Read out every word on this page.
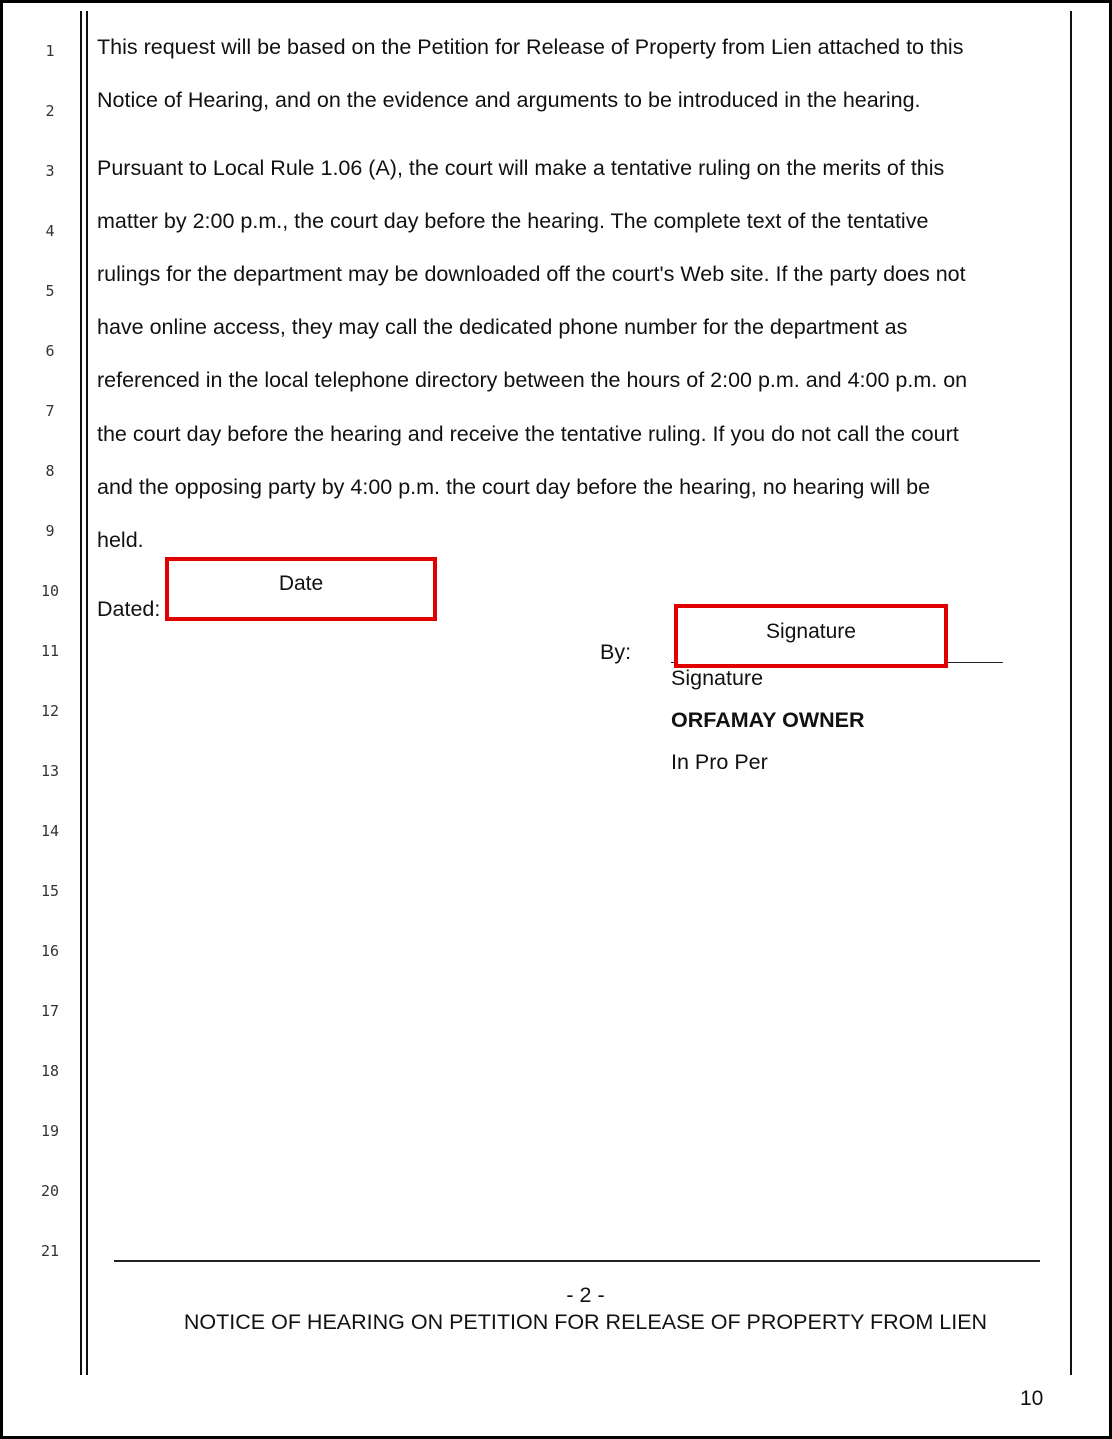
1
2
3
4
5
6
7
8
9
10
11
12
13
14
15
16
17
18
19
20
21
This request will be based on the Petition for Release of Property from Lien attached to this
Notice of Hearing, and on the evidence and arguments to be introduced in the hearing.
Pursuant to Local Rule 1.06 (A), the court will make a tentative ruling on the merits of this
matter by 2:00 p.m., the court day before the hearing. The complete text of the tentative
rulings for the department may be downloaded off the court's Web site. If the party does not
have online access, they may call the dedicated phone number for the department as
referenced in the local telephone directory between the hours of 2:00 p.m. and 4:00 p.m. on
the court day before the hearing and receive the tentative ruling. If you do not call the court
and the opposing party by 4:00 p.m. the court day before the hearing, no hearing will be
held.
Dated:
Date
By:
Signature
Signature
ORFAMAY OWNER
In Pro Per
- 2 -
NOTICE OF HEARING ON PETITION FOR RELEASE OF PROPERTY FROM LIEN
10
